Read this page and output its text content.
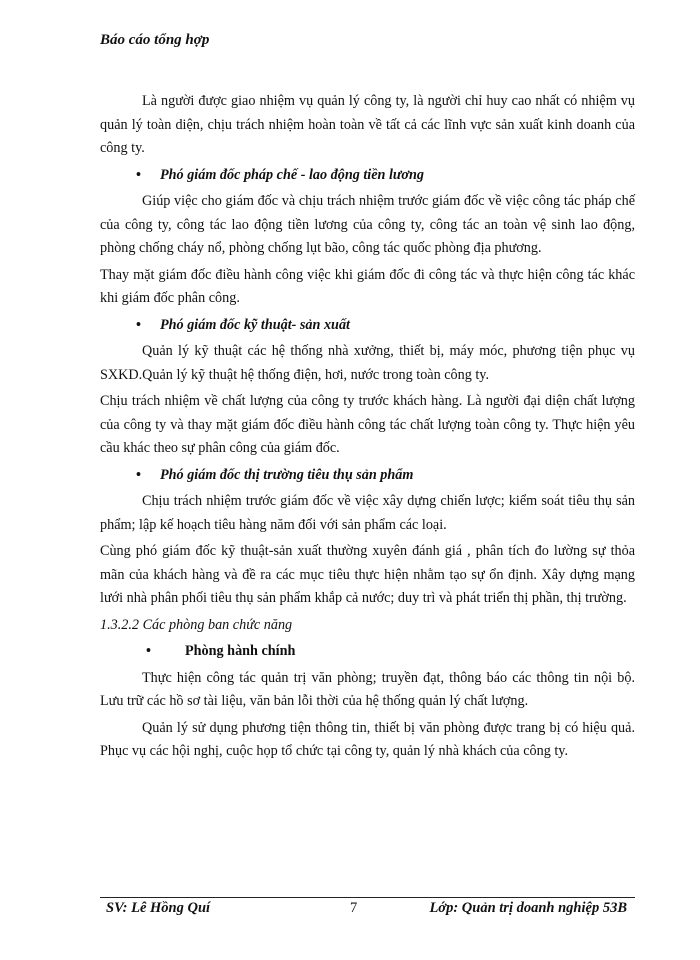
Báo cáo tổng hợp

Là người được giao nhiệm vụ quản lý công ty, là người chỉ huy cao nhất có nhiệm vụ quản lý toàn diện, chịu trách nhiệm hoàn toàn về tất cả các lĩnh vực sản xuất kinh doanh của công ty.

• Phó giám đốc pháp chế - lao động tiền lương

Giúp việc cho giám đốc và chịu trách nhiệm trước giám đốc về việc công tác pháp chế của công ty, công tác lao động tiền lương của công ty, công tác an toàn vệ sinh lao động, phòng chống cháy nổ, phòng chống lụt bão, công tác quốc phòng địa phương.

Thay mặt giám đốc điều hành công việc khi giám đốc đi công tác và thực hiện công tác khác khi giám đốc phân công.

• Phó giám đốc kỹ thuật- sản xuất

Quản lý kỹ thuật các hệ thống nhà xưởng, thiết bị, máy móc, phương tiện phục vụ SXKD.Quản lý kỹ thuật hệ thống điện, hơi, nước trong toàn công ty.

Chịu trách nhiệm về chất lượng của công ty trước khách hàng. Là người đại diện chất lượng của công ty và thay mặt giám đốc điều hành công tác chất lượng toàn công ty. Thực hiện yêu cầu khác theo sự phân công của giám đốc.

• Phó giám đốc thị trường tiêu thụ sản phẩm

Chịu trách nhiệm trước giám đốc về việc xây dựng chiến lược; kiểm soát tiêu thụ sản phẩm; lập kế hoạch tiêu hàng năm đối với sản phẩm các loại.

Cùng phó giám đốc kỹ thuật-sản xuất thường xuyên đánh giá , phân tích đo lường sự thỏa mãn của khách hàng và đề ra các mục tiêu thực hiện nhằm tạo sự ổn định. Xây dựng mạng lưới nhà phân phối tiêu thụ sản phẩm khắp cả nước; duy trì và phát triển thị phần, thị trường.

1.3.2.2 Các phòng ban chức năng

• Phòng hành chính

Thực hiện công tác quản trị văn phòng; truyền đạt, thông báo các thông tin nội bộ. Lưu trữ các hồ sơ tài liệu, văn bản lỗi thời của hệ thống quản lý chất lượng.

Quản lý sử dụng phương tiện thông tin, thiết bị văn phòng được trang bị có hiệu quả. Phục vụ các hội nghị, cuộc họp tổ chức tại công ty, quản lý nhà khách của công ty.

SV: Lê Hồng Quí	7	Lớp: Quản trị doanh nghiệp 53B
